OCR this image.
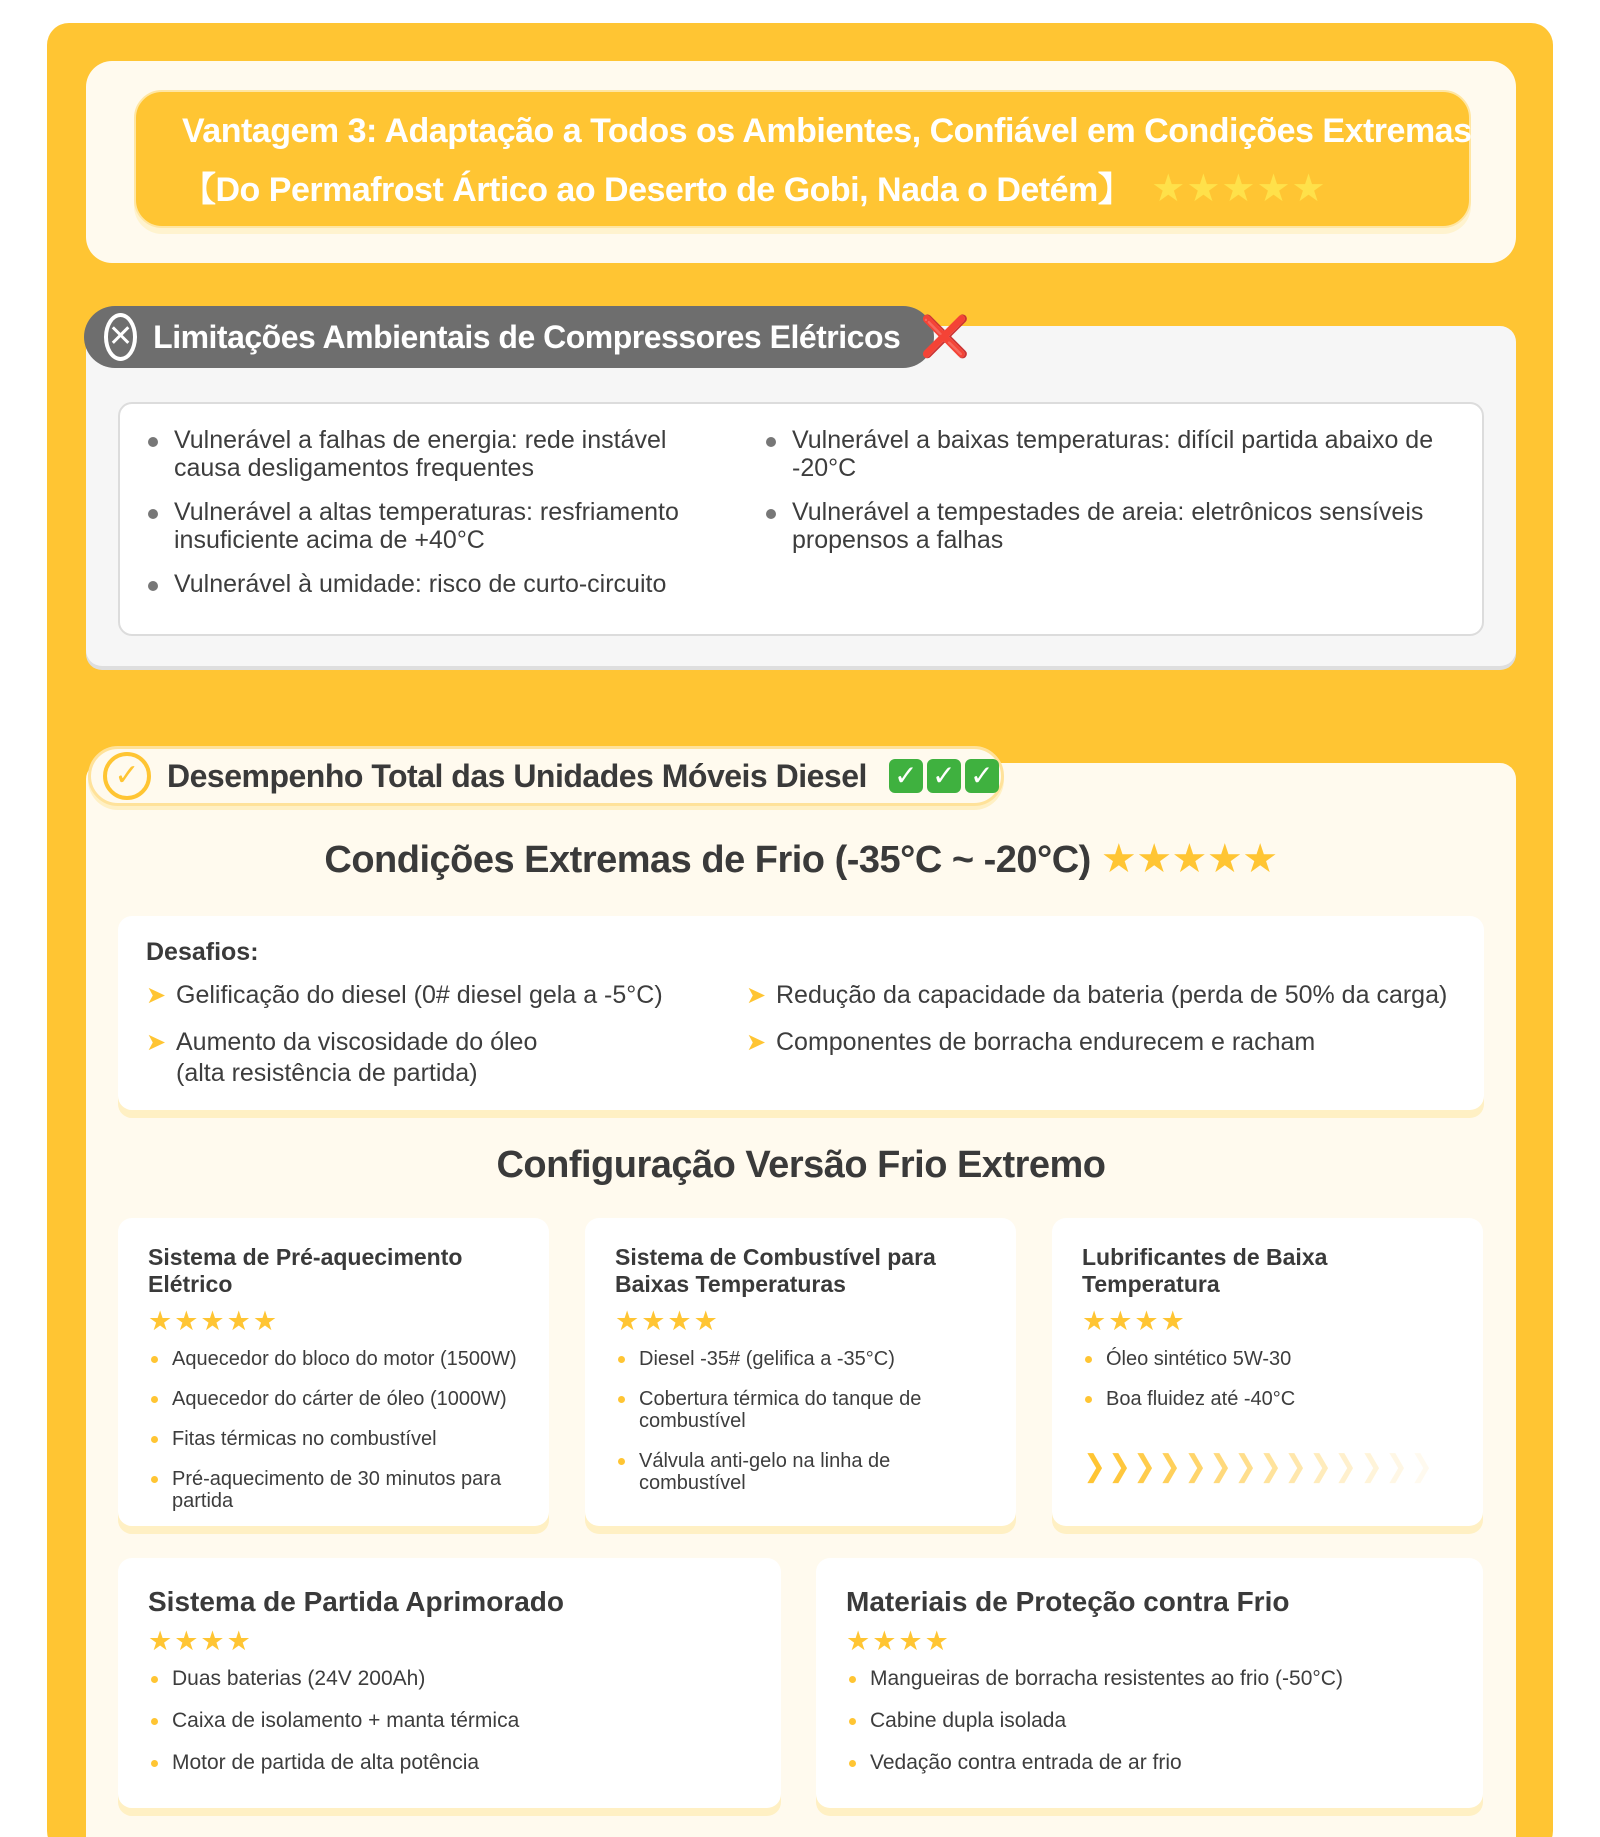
Vantagem 3: Adaptação a Todos os Ambientes, Confiável em Condições Extremas
【Do Permafrost Ártico ao Deserto de Gobi, Nada o Detém】 ★★★★★
✕ Limitações Ambientais de Compressores Elétricos ❌
Vulnerável a falhas de energia: rede instável causa desligamentos frequentes
Vulnerável a altas temperaturas: resfriamento insuficiente acima de +40°C
Vulnerável à umidade: risco de curto-circuito
Vulnerável a baixas temperaturas: difícil partida abaixo de -20°C
Vulnerável a tempestades de areia: eletrônicos sensíveis propensos a falhas
✓ Desempenho Total das Unidades Móveis Diesel ✓ ✓ ✓
Condições Extremas de Frio (-35°C ~ -20°C) ★★★★★
Desafios:
➤ Gelificação do diesel (0# diesel gela a -5°C)
➤ Aumento da viscosidade do óleo
(alta resistência de partida)
➤ Redução da capacidade da bateria (perda de 50% da carga)
➤ Componentes de borracha endurecem e racham
Configuração Versão Frio Extremo
Sistema de Pré-aquecimento Elétrico
★★★★★
Aquecedor do bloco do motor (1500W)
Aquecedor do cárter de óleo (1000W)
Fitas térmicas no combustível
Pré-aquecimento de 30 minutos para partida
Sistema de Combustível para Baixas Temperaturas
★★★★
Diesel -35# (gelifica a -35°C)
Cobertura térmica do tanque de combustível
Válvula anti-gelo na linha de combustível
Lubrificantes de Baixa Temperatura
★★★★
Óleo sintético 5W-30
Boa fluidez até -40°C
❯ ❯ ❯ ❯ ❯ ❯ ❯ ❯ ❯ ❯ ❯ ❯ ❯ ❯
Sistema de Partida Aprimorado
★★★★
Duas baterias (24V 200Ah)
Caixa de isolamento + manta térmica
Motor de partida de alta potência
Materiais de Proteção contra Frio
★★★★
Mangueiras de borracha resistentes ao frio (-50°C)
Cabine dupla isolada
Vedação contra entrada de ar frio
